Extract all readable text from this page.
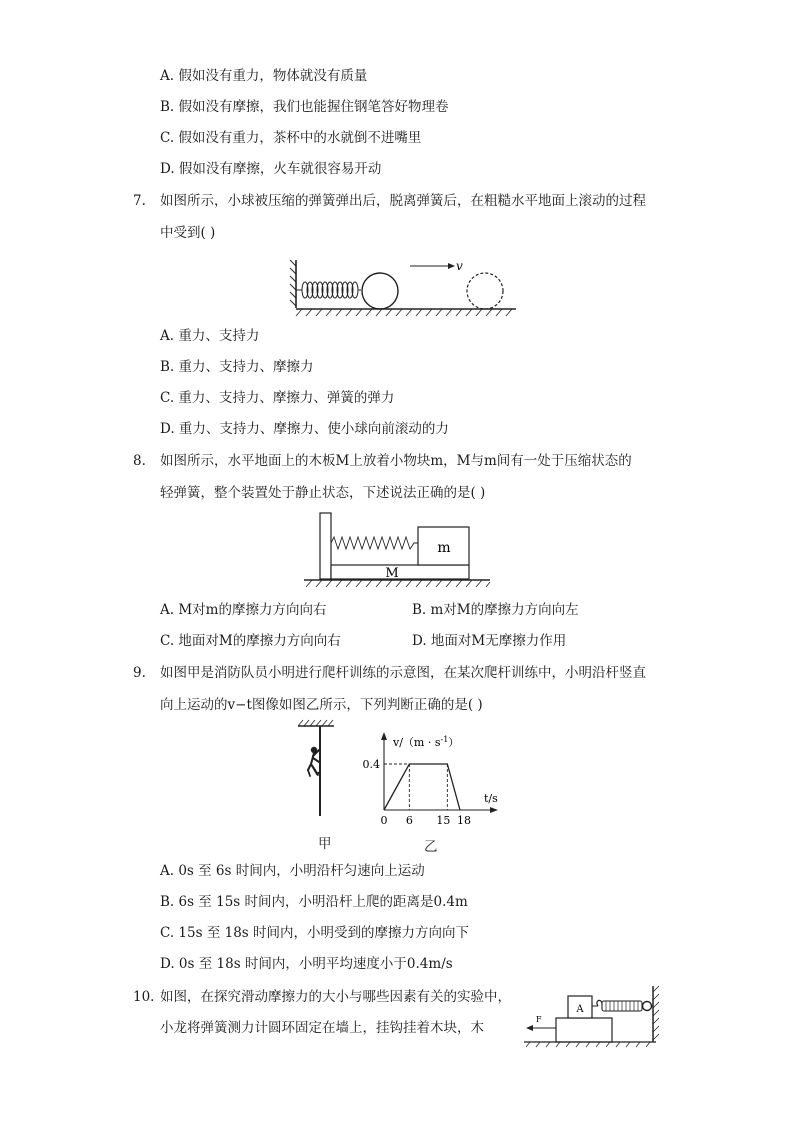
A. 假如没有重力，物体就没有质量
B. 假如没有摩擦，我们也能握住钢笔答好物理卷
C. 假如没有重力，茶杯中的水就倒不进嘴里
D. 假如没有摩擦，火车就很容易开动
7. 如图所示，小球被压缩的弹簧弹出后，脱离弹簧后，在粗糙水平地面上滚动的过程
中受到( )
v
A. 重力、支持力
B. 重力、支持力、摩擦力
C. 重力、支持力、摩擦力、弹簧的弹力
D. 重力、支持力、摩擦力、使小球向前滚动的力
8. 如图所示，水平地面上的木板M上放着小物块m，M与m间有一处于压缩状态的
轻弹簧，整个装置处于静止状态，下述说法正确的是( )
M
m
A. M对m的摩擦力方向向右	B. m对M的摩擦力方向向左
C. 地面对M的摩擦力方向向右	D. 地面对M无摩擦力作用
9. 如图甲是消防队员小明进行爬杆训练的示意图，在某次爬杆训练中，小明沿杆竖直
向上运动的v−t图像如图乙所示，下列判断正确的是( )
甲
$v/(m \cdot s^{-1})$
t/s
0.4
0 6 15 18
乙
A. 0s 至 6s 时间内，小明沿杆匀速向上运动
B. 6s 至 15s 时间内，小明沿杆上爬的距离是0.4m
C. 15s 至 18s 时间内，小明受到的摩擦力方向向下
D. 0s 至 18s 时间内，小明平均速度小于0.4m/s
10. 如图，在探究滑动摩擦力的大小与哪些因素有关的实验中，
小龙将弹簧测力计圆环固定在墙上，挂钩挂着木块，木
A
F
